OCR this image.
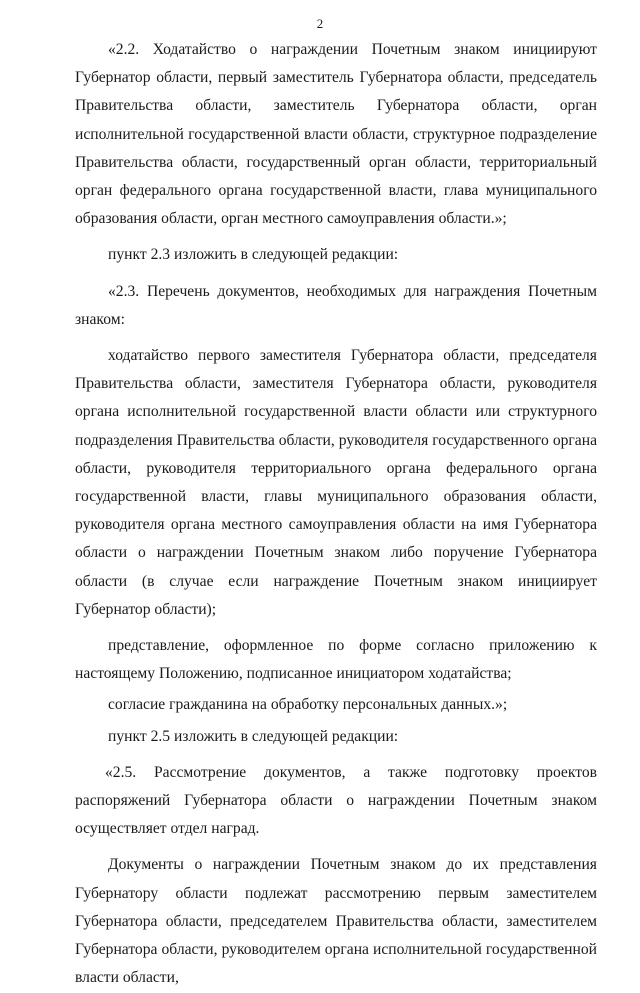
2

«2.2. Ходатайство о награждении Почетным знаком инициируют Губернатор области, первый заместитель Губернатора области, председатель Правительства области, заместитель Губернатора области, орган исполнительной государственной власти области, структурное подразделение Правительства области, государственный орган области, территориальный орган федерального органа государственной власти, глава муниципального образования области, орган местного самоуправления области.»;

пункт 2.3 изложить в следующей редакции:

«2.3. Перечень документов, необходимых для награждения Почетным знаком:

ходатайство первого заместителя Губернатора области, председателя Правительства области, заместителя Губернатора области, руководителя органа исполнительной государственной власти области или структурного подразделения Правительства области, руководителя государственного органа области, руководителя территориального органа федерального органа государственной власти, главы муниципального образования области, руководителя органа местного самоуправления области на имя Губернатора области о награждении Почетным знаком либо поручение Губернатора области (в случае если награждение Почетным знаком инициирует Губернатор области);

представление, оформленное по форме согласно приложению к настоящему Положению, подписанное инициатором ходатайства;

согласие гражданина на обработку персональных данных.»;

пункт 2.5 изложить в следующей редакции:

«2.5. Рассмотрение документов, а также подготовку проектов распоряжений Губернатора области о награждении Почетным знаком осуществляет отдел наград.

Документы о награждении Почетным знаком до их представления Губернатору области подлежат рассмотрению первым заместителем Губернатора области, председателем Правительства области, заместителем Губернатора области, руководителем органа исполнительной государственной власти области,
